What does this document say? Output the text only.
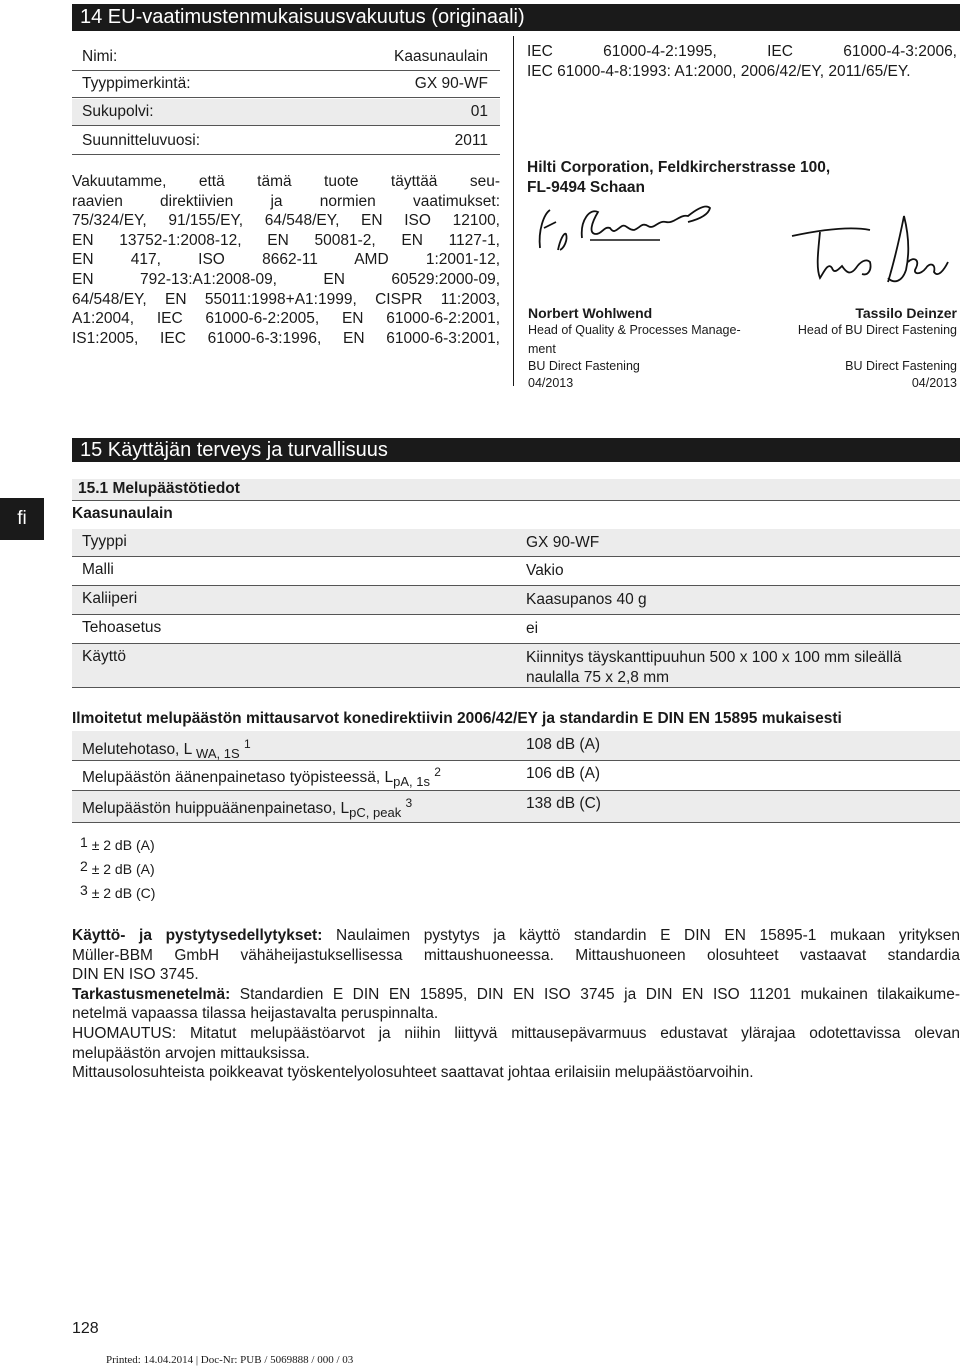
14 EU-vaatimustenmukaisuusvakuutus (originaali)
Nimi:	Kaasunaulain
Tyyppimerkintä:	GX 90-WF
Sukupolvi:	01
Suunnitteluvuosi:	2011
Vakuutamme, että tämä tuote täyttää seu-
raavien direktiivien ja normien vaatimukset:
75/324/EY, 91/155/EY, 64/548/EY, EN ISO 12100,
EN 13752-1:2008-12, EN 50081-2, EN 1127-1,
EN 417, ISO 8662-11 AMD 1:2001-12,
EN 792-13:A1:2008-09, EN 60529:2000-09,
64/548/EY, EN 55011:1998+A1:1999, CISPR 11:2003,
A1:2004, IEC 61000-6-2:2005, EN 61000-6-2:2001,
IS1:2005, IEC 61000-6-3:1996, EN 61000-6-3:2001,
IEC 61000-4-2:1995, IEC 61000-4-3:2006,
IEC 61000-4-8:1993: A1:2000, 2006/42/EY, 2011/65/EY.
Hilti Corporation, Feldkircherstrasse 100,
FL-9494 Schaan
Norbert Wohlwend
Head of Quality & Processes Manage-
ment
BU Direct Fastening
04/2013
Tassilo Deinzer
Head of BU Direct Fastening
BU Direct Fastening
04/2013
15 Käyttäjän terveys ja turvallisuus
fi
15.1 Melupäästötiedot
Kaasunaulain
Tyyppi	GX 90-WF
Malli	Vakio
Kaliiperi	Kaasupanos 40 g
Tehoasetus	ei
Käyttö	Kiinnitys täyskanttipuuhun 500 x 100 x 100 mm sileällä
naulalla 75 x 2,8 mm
Ilmoitetut melupäästön mittausarvot konedirektiivin 2006/42/EY ja standardin E DIN EN 15895 mukaisesti
Melutehotaso, L $_{WA, 1S}$ $^1$	108 dB (A)
Melupäästön äänenpainetaso työpisteessä, $L_{pA, 1s}$ $^2$	106 dB (A)
Melupäästön huippuäänenpainetaso, $L_{pC, peak}$ $^3$	138 dB (C)
1 ± 2 dB (A)
2 ± 2 dB (A)
3 ± 2 dB (C)
Käyttö- ja pystytysedellytykset: Naulaimen pystytys ja käyttö standardin E DIN EN 15895-1 mukaan yrityksen
Müller-BBM GmbH vähäheijastuksellisessa mittaushuoneessa. Mittaushuoneen olosuhteet vastaavat standardia
DIN EN ISO 3745.
Tarkastusmenetelmä: Standardien E DIN EN 15895, DIN EN ISO 3745 ja DIN EN ISO 11201 mukainen tilakaikume-
netelmä vapaassa tilassa heijastavalta peruspinnalta.
HUOMAUTUS: Mitatut melupäästöarvot ja niihin liittyvä mittausepävarmuus edustavat ylärajaa odotettavissa olevan
melupäästön arvojen mittauksissa.
Mittausolosuhteista poikkeavat työskentelyolosuhteet saattavat johtaa erilaisiin melupäästöarvoihin.
128
Printed: 14.04.2014 | Doc-Nr: PUB / 5069888 / 000 / 03
